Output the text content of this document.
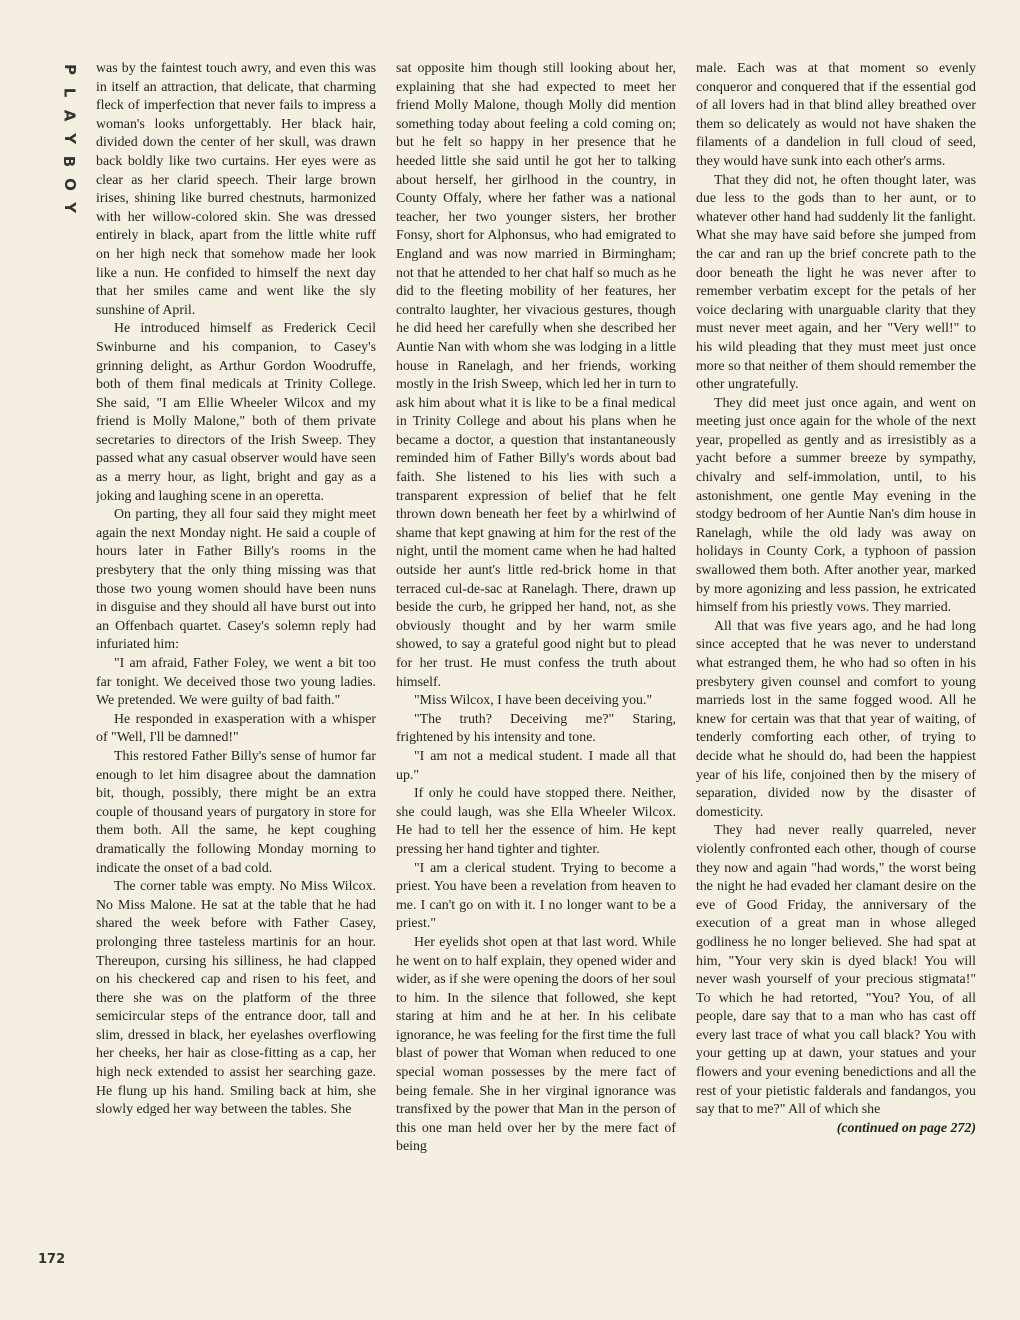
P
L
A
Y
B
O
Y

was by the faintest touch awry, and even this was in itself an attraction, that delicate, that charming fleck of imperfection that never fails to impress a woman's looks unforgettably. Her black hair, divided down the center of her skull, was drawn back boldly like two curtains. Her eyes were as clear as her clarid speech. Their large brown irises, shining like burred chestnuts, harmonized with her willow-colored skin. She was dressed entirely in black, apart from the little white ruff on her high neck that somehow made her look like a nun. He confided to himself the next day that her smiles came and went like the sly sunshine of April.

He introduced himself as Frederick Cecil Swinburne and his companion, to Casey's grinning delight, as Arthur Gordon Woodruffe, both of them final medicals at Trinity College. She said, "I am Ellie Wheeler Wilcox and my friend is Molly Malone," both of them private secretaries to directors of the Irish Sweep. They passed what any casual observer would have seen as a merry hour, as light, bright and gay as a joking and laughing scene in an operetta.

On parting, they all four said they might meet again the next Monday night. He said a couple of hours later in Father Billy's rooms in the presbytery that the only thing missing was that those two young women should have been nuns in disguise and they should all have burst out into an Offenbach quartet. Casey's solemn reply had infuriated him:

"I am afraid, Father Foley, we went a bit too far tonight. We deceived those two young ladies. We pretended. We were guilty of bad faith."

He responded in exasperation with a whisper of "Well, I'll be damned!"

This restored Father Billy's sense of humor far enough to let him disagree about the damnation bit, though, possibly, there might be an extra couple of thousand years of purgatory in store for them both. All the same, he kept coughing dramatically the following Monday morning to indicate the onset of a bad cold.

The corner table was empty. No Miss Wilcox. No Miss Malone. He sat at the table that he had shared the week before with Father Casey, prolonging three tasteless martinis for an hour. Thereupon, cursing his silliness, he had clapped on his checkered cap and risen to his feet, and there she was on the platform of the three semicircular steps of the entrance door, tall and slim, dressed in black, her eyelashes overflowing her cheeks, her hair as close-fitting as a cap, her high neck extended to assist her searching gaze. He flung up his hand. Smiling back at him, she slowly edged her way between the tables. She

sat opposite him though still looking about her, explaining that she had expected to meet her friend Molly Malone, though Molly did mention something today about feeling a cold coming on; but he felt so happy in her presence that he heeded little she said until he got her to talking about herself, her girlhood in the country, in County Offaly, where her father was a national teacher, her two younger sisters, her brother Fonsy, short for Alphonsus, who had emigrated to England and was now married in Birmingham; not that he attended to her chat half so much as he did to the fleeting mobility of her features, her contralto laughter, her vivacious gestures, though he did heed her carefully when she described her Auntie Nan with whom she was lodging in a little house in Ranelagh, and her friends, working mostly in the Irish Sweep, which led her in turn to ask him about what it is like to be a final medical in Trinity College and about his plans when he became a doctor, a question that instantaneously reminded him of Father Billy's words about bad faith. She listened to his lies with such a transparent expression of belief that he felt thrown down beneath her feet by a whirlwind of shame that kept gnawing at him for the rest of the night, until the moment came when he had halted outside her aunt's little red-brick home in that terraced cul-de-sac at Ranelagh. There, drawn up beside the curb, he gripped her hand, not, as she obviously thought and by her warm smile showed, to say a grateful good night but to plead for her trust. He must confess the truth about himself.

"Miss Wilcox, I have been deceiving you."

"The truth? Deceiving me?" Staring, frightened by his intensity and tone.

"I am not a medical student. I made all that up."

If only he could have stopped there. Neither, she could laugh, was she Ella Wheeler Wilcox. He had to tell her the essence of him. He kept pressing her hand tighter and tighter.

"I am a clerical student. Trying to become a priest. You have been a revelation from heaven to me. I can't go on with it. I no longer want to be a priest."

Her eyelids shot open at that last word. While he went on to half explain, they opened wider and wider, as if she were opening the doors of her soul to him. In the silence that followed, she kept staring at him and he at her. In his celibate ignorance, he was feeling for the first time the full blast of power that Woman when reduced to one special woman possesses by the mere fact of being female. She in her virginal ignorance was transfixed by the power that Man in the person of this one man held over her by the mere fact of being

male. Each was at that moment so evenly conqueror and conquered that if the essential god of all lovers had in that blind alley breathed over them so delicately as would not have shaken the filaments of a dandelion in full cloud of seed, they would have sunk into each other's arms.

That they did not, he often thought later, was due less to the gods than to her aunt, or to whatever other hand had suddenly lit the fanlight. What she may have said before she jumped from the car and ran up the brief concrete path to the door beneath the light he was never after to remember verbatim except for the petals of her voice declaring with unarguable clarity that they must never meet again, and her "Very well!" to his wild pleading that they must meet just once more so that neither of them should remember the other ungratefully.

They did meet just once again, and went on meeting just once again for the whole of the next year, propelled as gently and as irresistibly as a yacht before a summer breeze by sympathy, chivalry and self-immolation, until, to his astonishment, one gentle May evening in the stodgy bedroom of her Auntie Nan's dim house in Ranelagh, while the old lady was away on holidays in County Cork, a typhoon of passion swallowed them both. After another year, marked by more agonizing and less passion, he extricated himself from his priestly vows. They married.

All that was five years ago, and he had long since accepted that he was never to understand what estranged them, he who had so often in his presbytery given counsel and comfort to young marrieds lost in the same fogged wood. All he knew for certain was that that year of waiting, of tenderly comforting each other, of trying to decide what he should do, had been the happiest year of his life, conjoined then by the misery of separation, divided now by the disaster of domesticity.

They had never really quarreled, never violently confronted each other, though of course they now and again "had words," the worst being the night he had evaded her clamant desire on the eve of Good Friday, the anniversary of the execution of a great man in whose alleged godliness he no longer believed. She had spat at him, "Your very skin is dyed black! You will never wash yourself of your precious stigmata!" To which he had retorted, "You? You, of all people, dare say that to a man who has cast off every last trace of what you call black? You with your getting up at dawn, your statues and your flowers and your evening benedictions and all the rest of your pietistic falderals and fandangos, you say that to me?" All of which she

(continued on page 272)

172
